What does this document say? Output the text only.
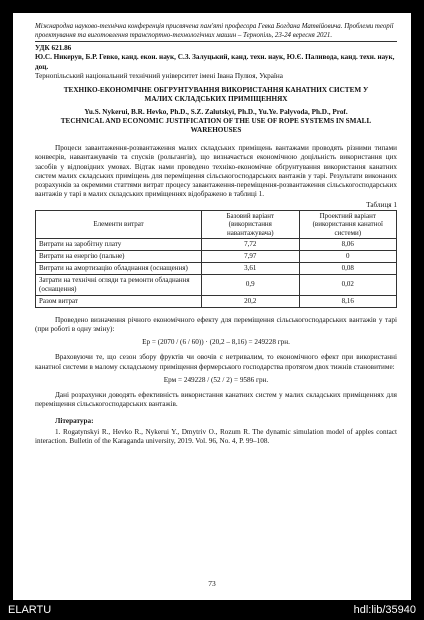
Міжнародна науково-технічна конференція присвячена пам'яті професора Гевка Богдана Матвійовича. Проблеми теорії проектування та виготовлення транспортно-технологічних машин – Тернопіль, 23-24 вересня 2021.
УДК 621.86
Ю.С. Никерув, Б.Р. Гевко, канд. екон. наук, С.З. Залуцький, канд. техн. наук, Ю.Є. Паливода, канд. техн. наук, доц.
Тернопільський національний технічний університет імені Івана Пулюя, Україна
ТЕХНІКО-ЕКОНОМІЧНЕ ОБГРУНТУВАННЯ ВИКОРИСТАННЯ КАНАТНИХ СИСТЕМ У МАЛИХ СКЛАДСЬКИХ ПРИМІЩЕННЯХ
Yu.S. Nykerui, B.R. Hevko, Ph.D., S.Z. Zalutskyi, Ph.D., Yu.Ye. Palyvoda, Ph.D., Prof.
TECHNICAL AND ECONOMIC JUSTIFICATION OF THE USE OF ROPE SYSTEMS IN SMALL WAREHOUSES

Процеси завантаження-розвантаження малих складських приміщень вантажами проводять різними типами конвеєрів, навантажувачів та спусків (рольгангів), що визначається економічною доцільність використання цих засобів у відповідних умовах. Відтак нами проведено техніко-економічне обґрунтування використання канатних систем малих складських приміщень для переміщення сільськогосподарських вантажів у тарі. Результати виконаних розрахунків за окремими статтями витрат процесу завантаження-переміщення-розвантаження сільськогосподарських вантажів у тарі в малих складських приміщеннях відображено в таблиці 1.

Таблиця 1
Елементи витрат	Базовий варіант (використання навантажувача)	Проектний варіант (використання канатної системи)
Витрати на заробітну плату	7,72	8,06
Витрати на енергію (пальне)	7,97	0
Витрати на амортизацію обладнання (оснащення)	3,61	0,08
Затрати на технічні огляди та ремонти обладнання (оснащення)	0,9	0,02
Разом витрат	20,2	8,16

Проведено визначення річного економічного ефекту для переміщення сільськогосподарських вантажів у тарі (при роботі в одну зміну):

Ер = (2070 / (6 / 60)) · (20,2 – 8,16) = 249228 грн.

Враховуючи те, що сезон збору фруктів чи овочів є нетривалим, то економічного ефект при використанні канатної системи в малому складському приміщення фермерського господарства протягом двох тижнів становитиме:

Ерм = 249228 / (52 / 2) = 9586 грн.

Дані розрахунки доводять ефективність використання канатних систем у малих складських приміщеннях для переміщення сільськогосподарських вантажів.

Література:

1. Rogatynskyi R., Hevko R., Nykerui Y., Dmytriv O., Rozum R. The dynamic simulation model of apples contact interaction. Bulletin of the Karaganda university, 2019. Vol. 96, No. 4, P. 99–108.

73
ELARTU	hdl:lib/35940
